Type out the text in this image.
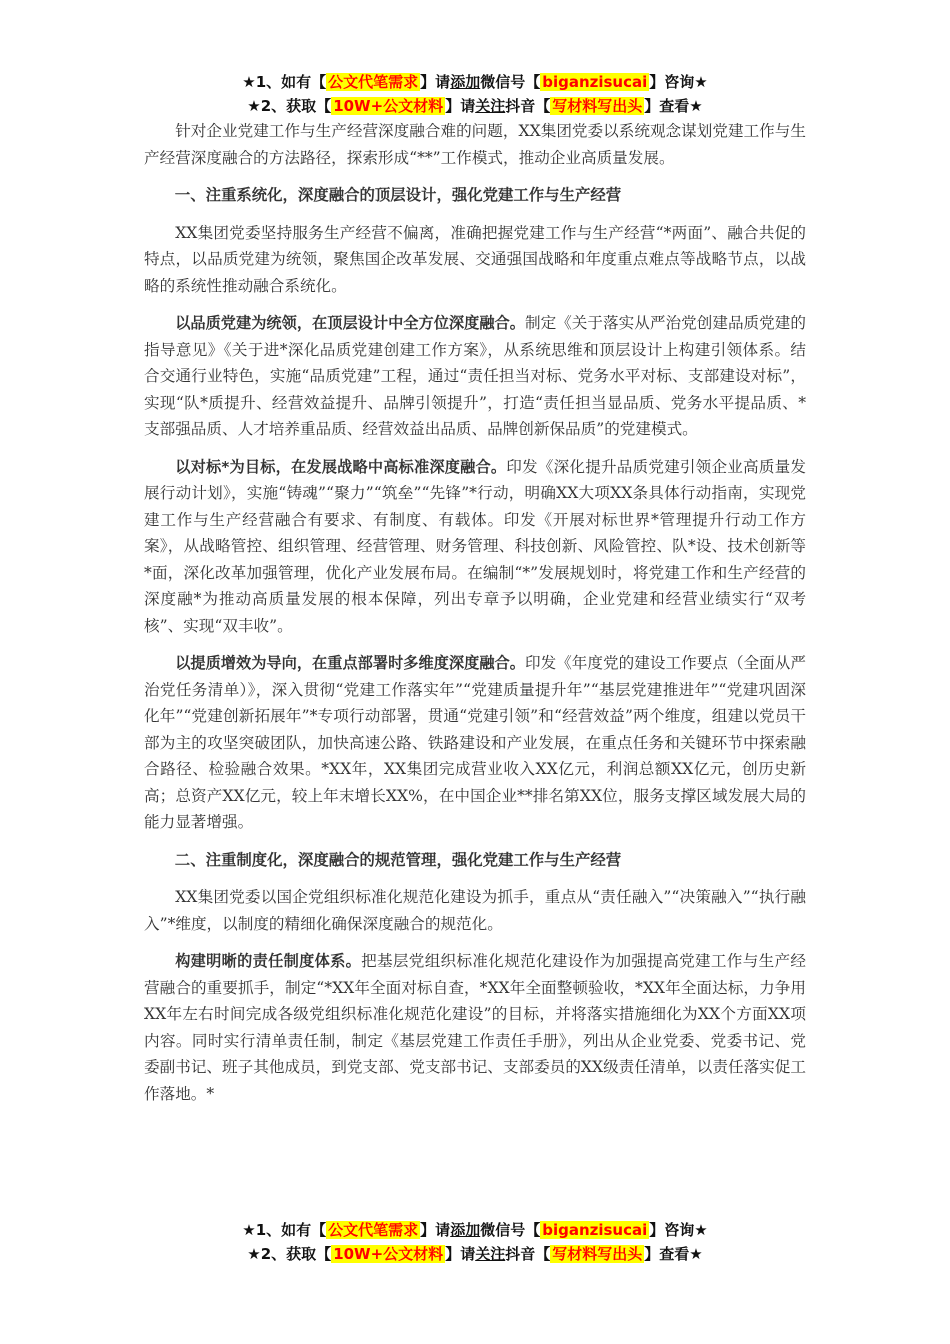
★1、如有【 公文代笔需求 】请添加微信号【 biganzisucai 】咨询★
★2、获取【 10W+公文材料 】请关注抖音【 写材料写出头 】查看★

针对企业党建工作与生产经营深度融合难的问题，XX集团党委以系统观念谋划党建工作与生产经营深度融合的方法路径，探索形成“**”工作模式，推动企业高质量发展。

一、注重系统化，深度融合的顶层设计，强化党建工作与生产经营

XX集团党委坚持服务生产经营不偏离，准确把握党建工作与生产经营“*两面”、融合共促的特点，以品质党建为统领，聚焦国企改革发展、交通强国战略和年度重点难点等战略节点，以战略的系统性推动融合系统化。

以品质党建为统领，在顶层设计中全方位深度融合。制定《关于落实从严治党创建品质党建的指导意见》《关于进*深化品质党建创建工作方案》，从系统思维和顶层设计上构建引领体系。结合交通行业特色，实施“品质党建”工程，通过“责任担当对标、党务水平对标、支部建设对标”，实现“队*质提升、经营效益提升、品牌引领提升”，打造“责任担当显品质、党务水平提品质、*支部强品质、人才培养重品质、经营效益出品质、品牌创新保品质”的党建模式。

以对标*为目标，在发展战略中高标准深度融合。印发《深化提升品质党建引领企业高质量发展行动计划》，实施“铸魂”“聚力”“筑垒”“先锋”*行动，明确XX大项XX条具体行动指南，实现党建工作与生产经营融合有要求、有制度、有载体。印发《开展对标世界*管理提升行动工作方案》，从战略管控、组织管理、经营管理、财务管理、科技创新、风险管控、队*设、技术创新等*面，深化改革加强管理，优化产业发展布局。在编制“*”发展规划时，将党建工作和生产经营的深度融*为推动高质量发展的根本保障，列出专章予以明确，企业党建和经营业绩实行“双考核”、实现“双丰收”。

以提质增效为导向，在重点部署时多维度深度融合。印发《年度党的建设工作要点（全面从严治党任务清单）》，深入贯彻“党建工作落实年”“党建质量提升年”“基层党建推进年”“党建巩固深化年”“党建创新拓展年”*专项行动部署，贯通“党建引领”和“经营效益”两个维度，组建以党员干部为主的攻坚突破团队，加快高速公路、铁路建设和产业发展，在重点任务和关键环节中探索融合路径、检验融合效果。*XX年，XX集团完成营业收入XX亿元，利润总额XX亿元，创历史新高；总资产XX亿元，较上年末增长XX%，在中国企业**排名第XX位，服务支撑区域发展大局的能力显著增强。

二、注重制度化，深度融合的规范管理，强化党建工作与生产经营

XX集团党委以国企党组织标准化规范化建设为抓手，重点从“责任融入”“决策融入”“执行融入”*维度，以制度的精细化确保深度融合的规范化。

构建明晰的责任制度体系。把基层党组织标准化规范化建设作为加强提高党建工作与生产经营融合的重要抓手，制定“*XX年全面对标自查，*XX年全面整顿验收，*XX年全面达标，力争用XX年左右时间完成各级党组织标准化规范化建设”的目标，并将落实措施细化为XX个方面XX项内容。同时实行清单责任制，制定《基层党建工作责任手册》，列出从企业党委、党委书记、党委副书记、班子其他成员，到党支部、党支部书记、支部委员的XX级责任清单，以责任落实促工作落地。*

★1、如有【 公文代笔需求 】请添加微信号【 biganzisucai 】咨询★
★2、获取【 10W+公文材料 】请关注抖音【 写材料写出头 】查看★
